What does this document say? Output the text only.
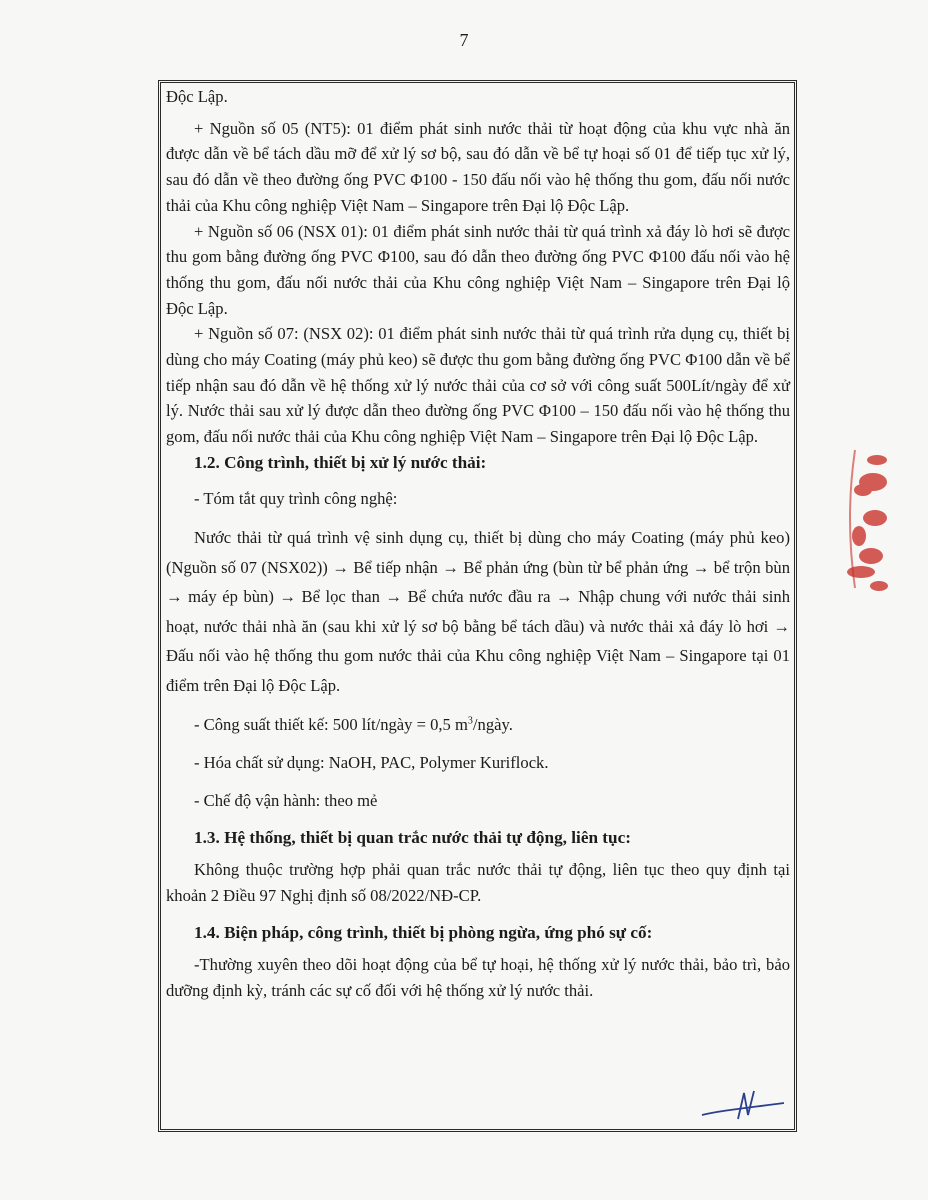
7

Độc Lập.

+ Nguồn số 05 (NT5): 01 điểm phát sinh nước thải từ hoạt động của khu vực nhà ăn được dẫn về bể tách dầu mỡ để xử lý sơ bộ, sau đó dẫn về bể tự hoại số 01 để tiếp tục xử lý, sau đó dẫn về theo đường ống PVC Φ100 - 150 đấu nối vào hệ thống thu gom, đấu nối nước thải của Khu công nghiệp Việt Nam – Singapore trên Đại lộ Độc Lập.

+ Nguồn số 06 (NSX 01): 01 điểm phát sinh nước thải từ quá trình xả đáy lò hơi sẽ được thu gom bằng đường ống PVC Φ100, sau đó dẫn theo đường ống PVC Φ100 đấu nối vào hệ thống thu gom, đấu nối nước thải của Khu công nghiệp Việt Nam – Singapore trên Đại lộ Độc Lập.

+ Nguồn số 07: (NSX 02): 01 điểm phát sinh nước thải từ quá trình rửa dụng cụ, thiết bị dùng cho máy Coating (máy phủ keo) sẽ được thu gom bằng đường ống PVC Φ100 dẫn về bể tiếp nhận sau đó dẫn về hệ thống xử lý nước thải của cơ sở với công suất 500Lít/ngày để xử lý. Nước thải sau xử lý được dẫn theo đường ống PVC Φ100 – 150 đấu nối vào hệ thống thu gom, đấu nối nước thải của Khu công nghiệp Việt Nam – Singapore trên Đại lộ Độc Lập.

1.2. Công trình, thiết bị xử lý nước thải:

- Tóm tắt quy trình công nghệ:

Nước thải từ quá trình vệ sinh dụng cụ, thiết bị dùng cho máy Coating (máy phủ keo) (Nguồn số 07 (NSX02)) → Bể tiếp nhận → Bể phản ứng (bùn từ bể phản ứng → bể trộn bùn → máy ép bùn) → Bể lọc than → Bể chứa nước đầu ra → Nhập chung với nước thải sinh hoạt, nước thải nhà ăn (sau khi xử lý sơ bộ bằng bể tách dầu) và nước thải xả đáy lò hơi → Đấu nối vào hệ thống thu gom nước thải của Khu công nghiệp Việt Nam – Singapore tại 01 điểm trên Đại lộ Độc Lập.

- Công suất thiết kế: 500 lít/ngày = 0,5 $m^3$/ngày.

- Hóa chất sử dụng: NaOH, PAC, Polymer Kuriflock.

- Chế độ vận hành: theo mẻ

1.3. Hệ thống, thiết bị quan trắc nước thải tự động, liên tục:

Không thuộc trường hợp phải quan trắc nước thải tự động, liên tục theo quy định tại khoản 2 Điều 97 Nghị định số 08/2022/NĐ-CP.

1.4. Biện pháp, công trình, thiết bị phòng ngừa, ứng phó sự cố:

-Thường xuyên theo dõi hoạt động của bể tự hoại, hệ thống xử lý nước thải, bảo trì, bảo dưỡng định kỳ, tránh các sự cố đối với hệ thống xử lý nước thải.
